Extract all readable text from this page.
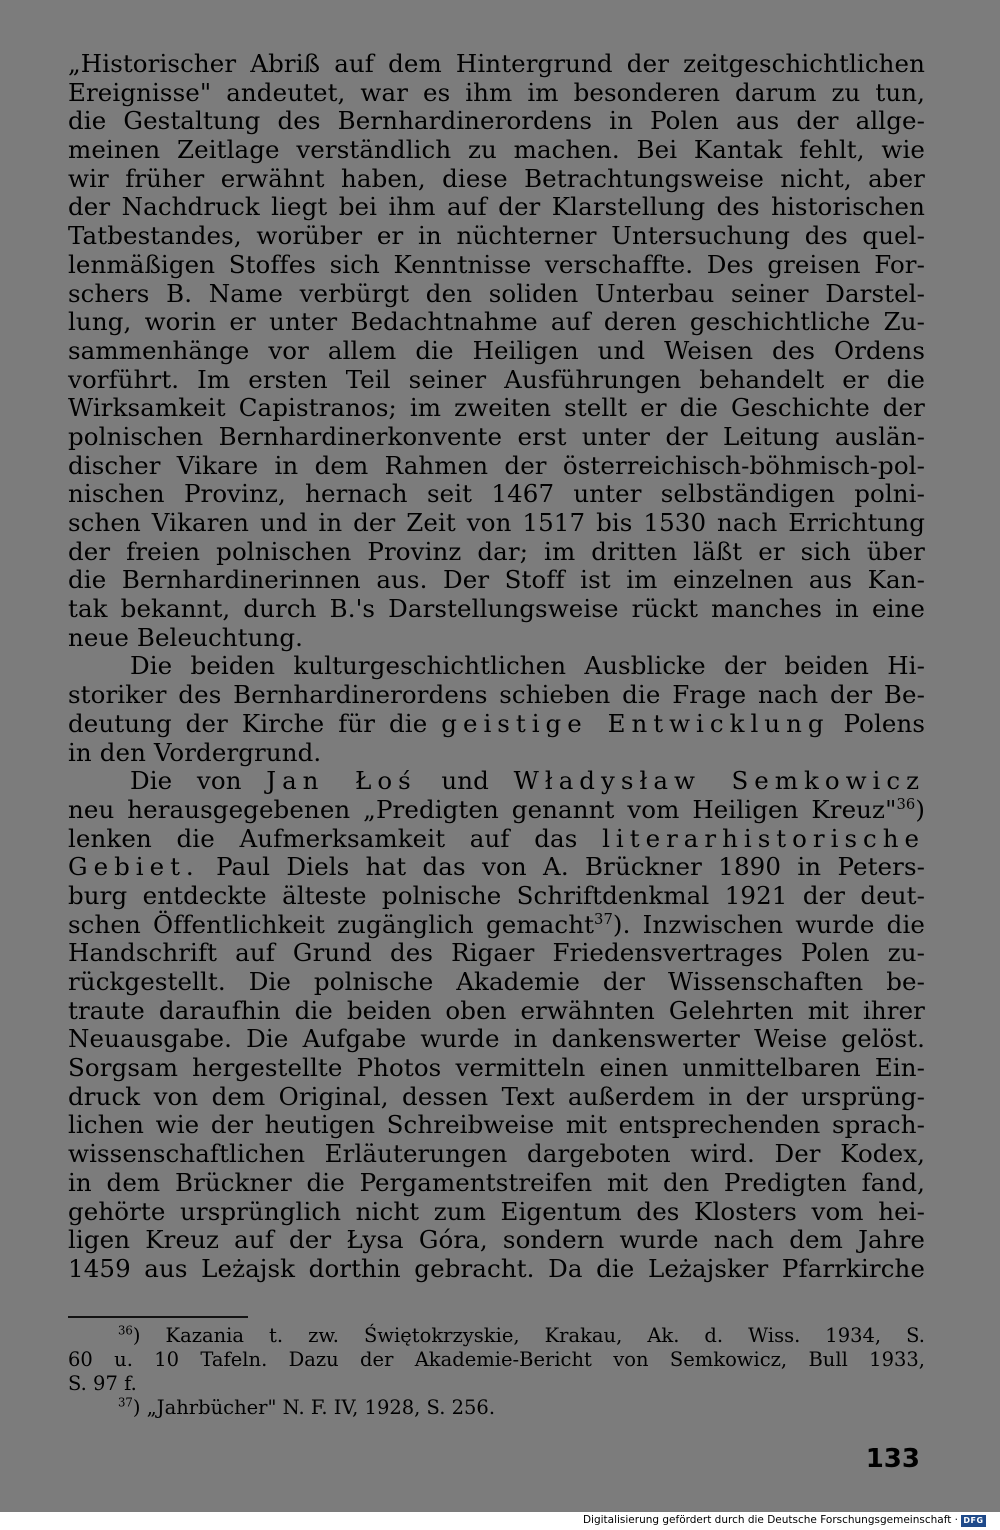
„Historischer Abriß auf dem Hintergrund der zeitgeschichtlichen
Ereignisse" andeutet, war es ihm im besonderen darum zu tun,
die Gestaltung des Bernhardinerordens in Polen aus der allge-
meinen Zeitlage verständlich zu machen. Bei Kantak fehlt, wie
wir früher erwähnt haben, diese Betrachtungsweise nicht, aber
der Nachdruck liegt bei ihm auf der Klarstellung des historischen
Tatbestandes, worüber er in nüchterner Untersuchung des quel-
lenmäßigen Stoffes sich Kenntnisse verschaffte. Des greisen For-
schers B. Name verbürgt den soliden Unterbau seiner Darstel-
lung, worin er unter Bedachtnahme auf deren geschichtliche Zu-
sammenhänge vor allem die Heiligen und Weisen des Ordens
vorführt. Im ersten Teil seiner Ausführungen behandelt er die
Wirksamkeit Capistranos; im zweiten stellt er die Geschichte der
polnischen Bernhardinerkonvente erst unter der Leitung auslän-
discher Vikare in dem Rahmen der österreichisch-böhmisch-pol-
nischen Provinz, hernach seit 1467 unter selbständigen polni-
schen Vikaren und in der Zeit von 1517 bis 1530 nach Errichtung
der freien polnischen Provinz dar; im dritten läßt er sich über
die Bernhardinerinnen aus. Der Stoff ist im einzelnen aus Kan-
tak bekannt, durch B.'s Darstellungsweise rückt manches in eine
neue Beleuchtung.
Die beiden kulturgeschichtlichen Ausblicke der beiden Hi-
storiker des Bernhardinerordens schieben die Frage nach der Be-
deutung der Kirche für die geistige Entwicklung Polens
in den Vordergrund.
Die von Jan Łoś und Władysław Semkowicz
neu herausgegebenen „Predigten genannt vom Heiligen Kreuz"$^{36}$)
lenken die Aufmerksamkeit auf das literarhistorische
Gebiet. Paul Diels hat das von A. Brückner 1890 in Peters-
burg entdeckte älteste polnische Schriftdenkmal 1921 der deut-
schen Öffentlichkeit zugänglich gemacht$^{37}$). Inzwischen wurde die
Handschrift auf Grund des Rigaer Friedensvertrages Polen zu-
rückgestellt. Die polnische Akademie der Wissenschaften be-
traute daraufhin die beiden oben erwähnten Gelehrten mit ihrer
Neuausgabe. Die Aufgabe wurde in dankenswerter Weise gelöst.
Sorgsam hergestellte Photos vermitteln einen unmittelbaren Ein-
druck von dem Original, dessen Text außerdem in der ursprüng-
lichen wie der heutigen Schreibweise mit entsprechenden sprach-
wissenschaftlichen Erläuterungen dargeboten wird. Der Kodex,
in dem Brückner die Pergamentstreifen mit den Predigten fand,
gehörte ursprünglich nicht zum Eigentum des Klosters vom hei-
ligen Kreuz auf der Łysa Góra, sondern wurde nach dem Jahre
1459 aus Leżajsk dorthin gebracht. Da die Leżajsker Pfarrkirche
$^{36}$) Kazania t. zw. Świętokrzyskie, Krakau, Ak. d. Wiss. 1934, S.
60 u. 10 Tafeln. Dazu der Akademie-Bericht von Semkowicz, Bull 1933,
S. 97 f.
$^{37}$) „Jahrbücher" N. F. IV, 1928, S. 256.
133
Digitalisierung gefördert durch die Deutsche Forschungsgemeinschaft · DFG
